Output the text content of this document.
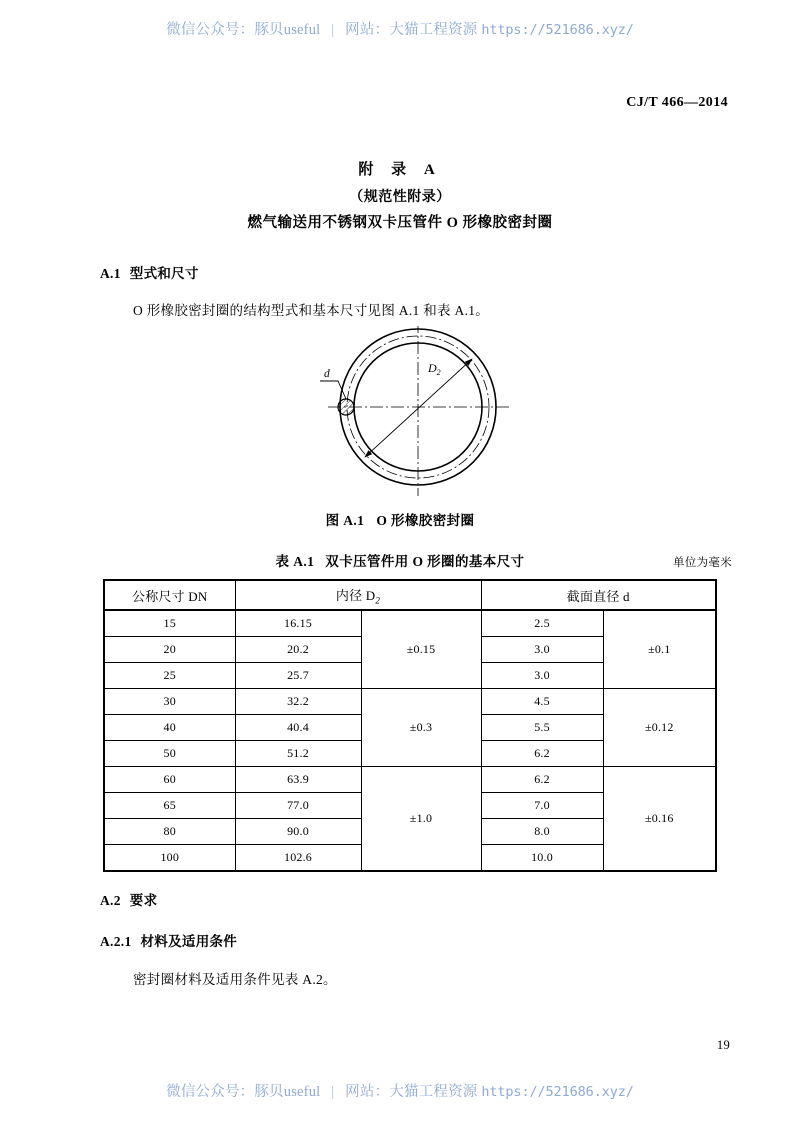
微信公众号：豚贝useful | 网站：大猫工程资源 https://521686.xyz/
CJ/T 466—2014
附 录 A
（规范性附录）
燃气输送用不锈钢双卡压管件 O 形橡胶密封圈
A.1 型式和尺寸
O 形橡胶密封圈的结构型式和基本尺寸见图 A.1 和表 A.1。
$D_2$
d
图 A.1 O 形橡胶密封圈
表 A.1 双卡压管件用 O 形圈的基本尺寸	单位为毫米
公称尺寸 DN	内径 $D_2$		截面直径 d	
15	16.15	±0.15	2.5	±0.1
20	20.2		3.0	
25	25.7		3.0	
30	32.2	±0.3	4.5	±0.12
40	40.4		5.5	
50	51.2		6.2	
60	63.9	±1.0	6.2	±0.16
65	77.0		7.0	
80	90.0		8.0	
100	102.6		10.0	
A.2 要求
A.2.1 材料及适用条件
密封圈材料及适用条件见表 A.2。
19
微信公众号：豚贝useful | 网站：大猫工程资源 https://521686.xyz/
